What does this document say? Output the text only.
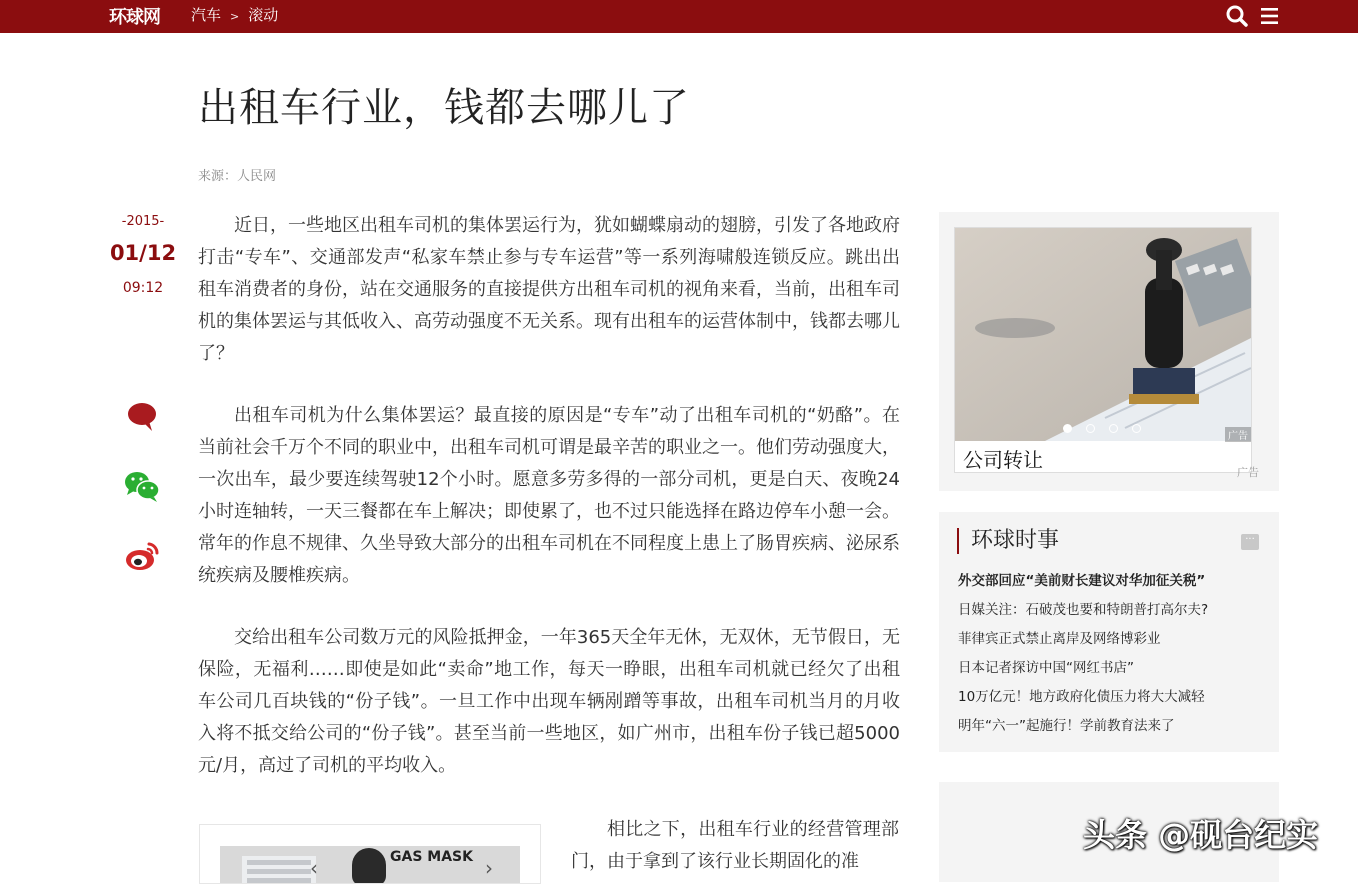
环球网 汽车 > 滚动
出租车行业，钱都去哪儿了
来源：人民网
-2015-
01/12
09:12

近日，一些地区出租车司机的集体罢运行为，犹如蝴蝶扇动的翅膀，引发了各地政府打击“专车”、交通部发声“私家车禁止参与专车运营”等一系列海啸般连锁反应。跳出出租车消费者的身份，站在交通服务的直接提供方出租车司机的视角来看，当前，出租车司机的集体罢运与其低收入、高劳动强度不无关系。现有出租车的运营体制中，钱都去哪儿了？

出租车司机为什么集体罢运？最直接的原因是“专车”动了出租车司机的“奶酪”。在当前社会千万个不同的职业中，出租车司机可谓是最辛苦的职业之一。他们劳动强度大，一次出车，最少要连续驾驶12个小时。愿意多劳多得的一部分司机，更是白天、夜晚24小时连轴转，一天三餐都在车上解决；即使累了，也不过只能选择在路边停车小憩一会。常年的作息不规律、久坐导致大部分的出租车司机在不同程度上患上了肠胃疾病、泌尿系统疾病及腰椎疾病。

交给出租车公司数万元的风险抵押金，一年365天全年无休，无双休，无节假日，无保险，无福利……即使是如此“卖命”地工作，每天一睁眼，出租车司机就已经欠了出租车公司几百块钱的“份子钱”。一旦工作中出现车辆剐蹭等事故，出租车司机当月的月收入将不抵交给公司的“份子钱”。甚至当前一些地区，如广州市，出租车份子钱已超5000元/月，高过了司机的平均收入。

‹	GAS MASK ›
相比之下，出租车行业的经营管理部门，由于拿到了该行业长期固化的准
广告
公司转让
广告
环球时事	···
外交部回应“美前财长建议对华加征关税”
日媒关注：石破茂也要和特朗普打高尔夫?
菲律宾正式禁止离岸及网络博彩业
日本记者探访中国“网红书店”
10万亿元！地方政府化债压力将大大减轻
明年“六一”起施行！学前教育法来了
头条 @砚台纪实
